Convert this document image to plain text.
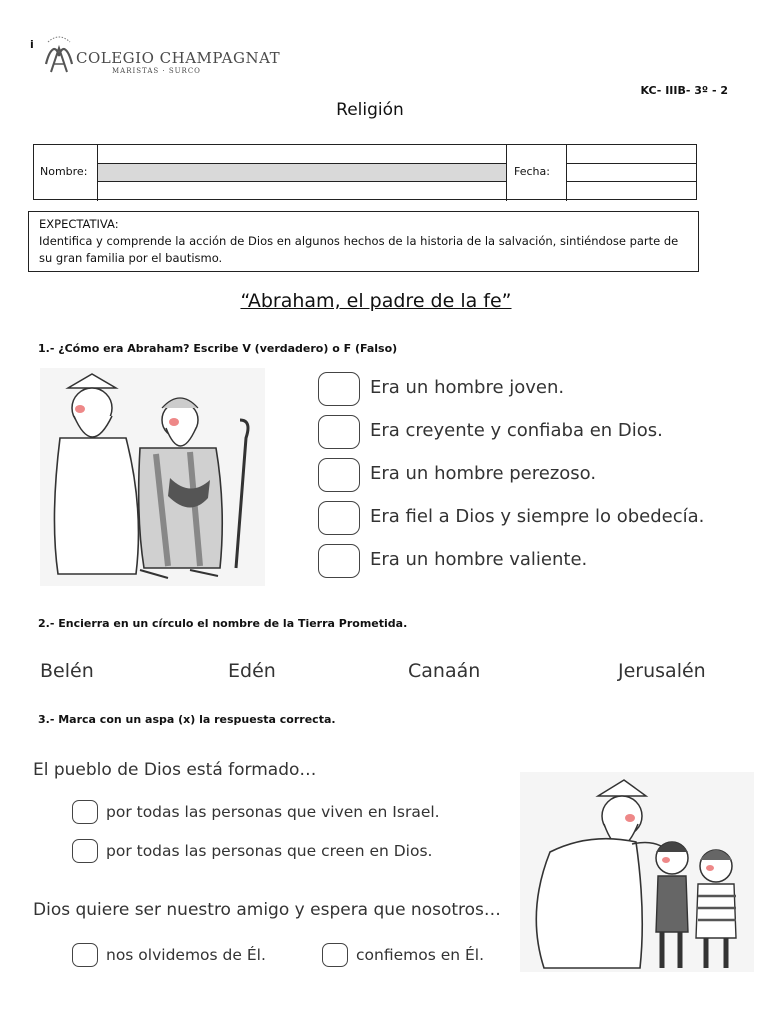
i
COLEGIO CHAMPAGNAT
MARISTAS · SURCO
KC- IIIB- 3º - 2
Religión
Nombre:	Fecha:
EXPECTATIVA:
Identifica y comprende la acción de Dios en algunos hechos de la historia de la salvación, sintiéndose parte de su gran familia por el bautismo.
“Abraham, el padre de la fe”
1.- ¿Cómo era Abraham? Escribe V (verdadero) o F (Falso)
Era un hombre joven.
Era creyente y confiaba en Dios.
Era un hombre perezoso.
Era fiel a Dios y siempre lo obedecía.
Era un hombre valiente.
2.- Encierra en un círculo el nombre de la Tierra Prometida.
Belén	Edén	Canaán	Jerusalén
3.- Marca con un aspa (x) la respuesta correcta.
El pueblo de Dios está formado…
por todas las personas que viven en Israel.
por todas las personas que creen en Dios.
Dios quiere ser nuestro amigo y espera que nosotros…
nos olvidemos de Él.	confiemos en Él.
